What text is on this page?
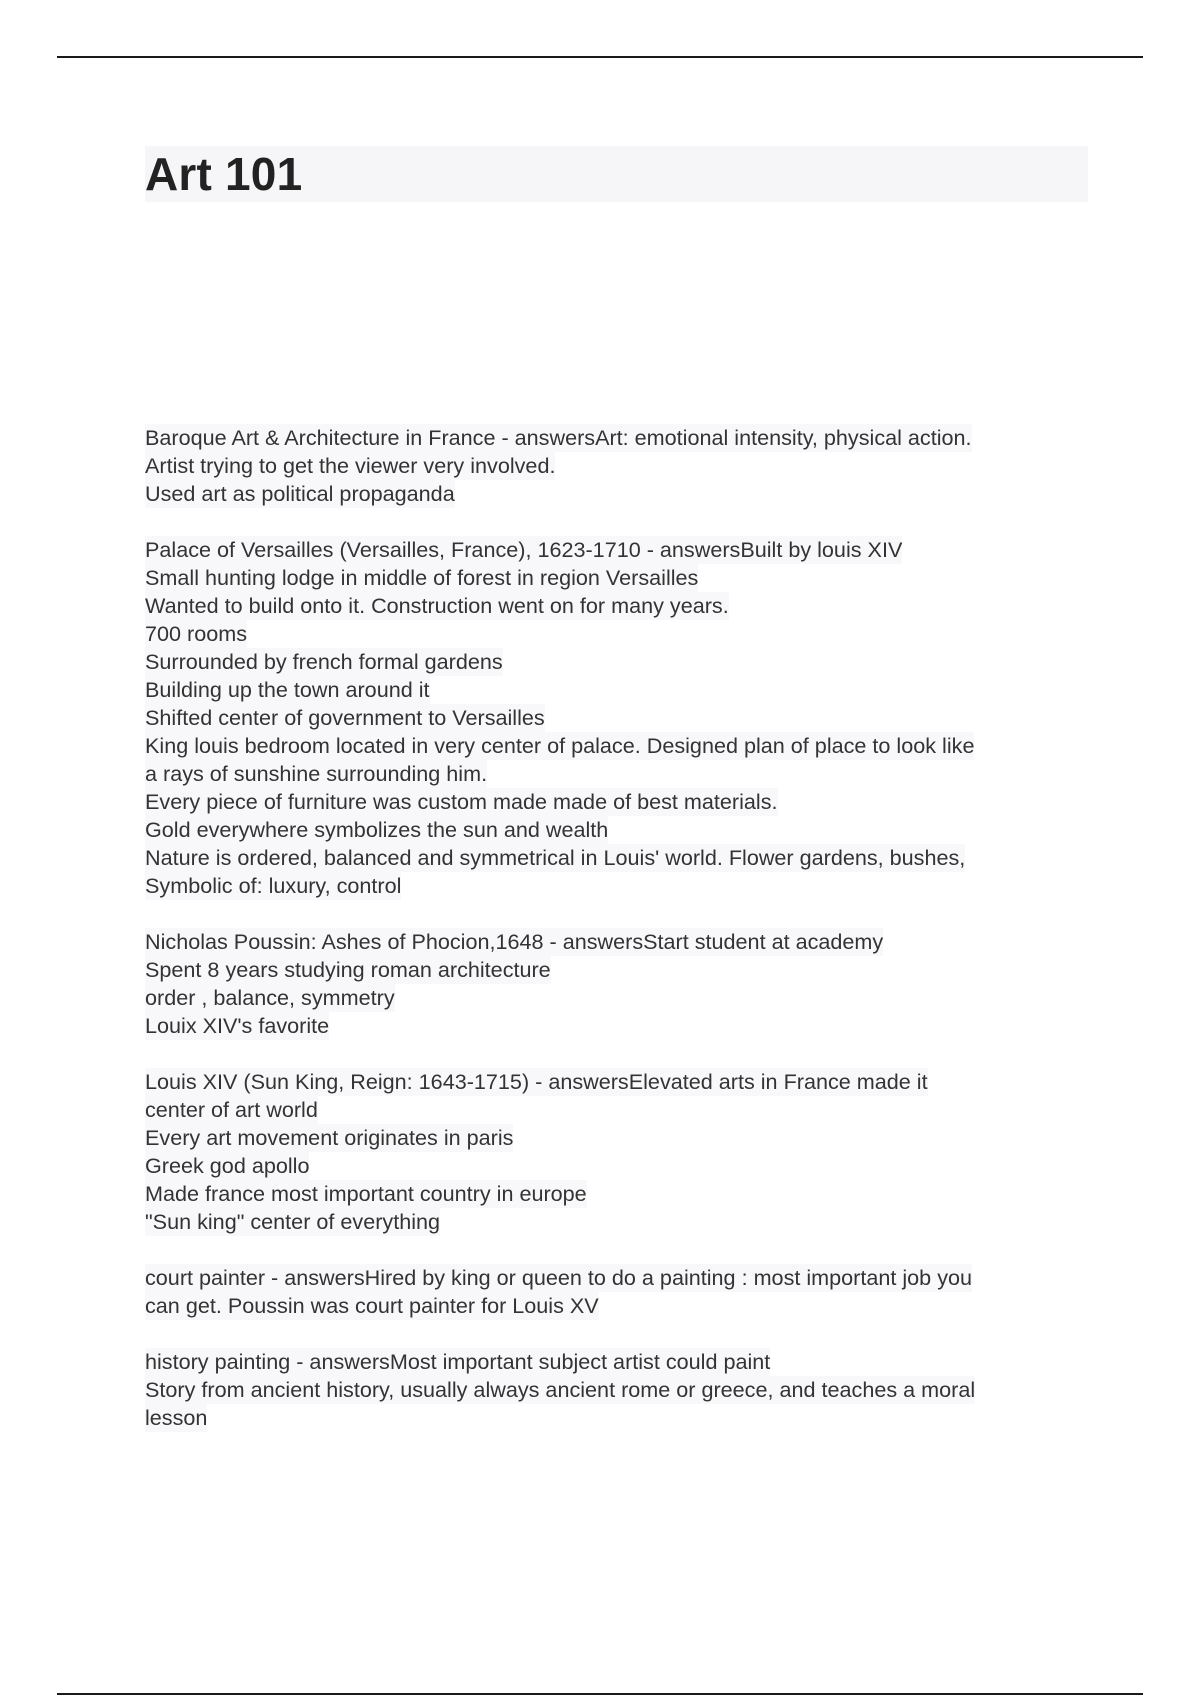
Art 101
Baroque Art & Architecture in France - answersArt: emotional intensity, physical action.
Artist trying to get the viewer very involved.
Used art as political propaganda
Palace of Versailles (Versailles, France), 1623-1710 - answersBuilt by louis XIV
Small hunting lodge in middle of forest in region Versailles
Wanted to build onto it. Construction went on for many years.
700 rooms
Surrounded by french formal gardens
Building up the town around it
Shifted center of government to Versailles
King louis bedroom located in very center of palace. Designed plan of place to look like
a rays of sunshine surrounding him.
Every piece of furniture was custom made made of best materials.
Gold everywhere symbolizes the sun and wealth
Nature is ordered, balanced and symmetrical in Louis' world. Flower gardens, bushes,
Symbolic of: luxury, control
Nicholas Poussin: Ashes of Phocion,1648 - answersStart student at academy
Spent 8 years studying roman architecture
order , balance, symmetry
Louix XIV's favorite
Louis XIV (Sun King, Reign: 1643-1715) - answersElevated arts in France made it
center of art world
Every art movement originates in paris
Greek god apollo
Made france most important country in europe
"Sun king" center of everything
court painter - answersHired by king or queen to do a painting : most important job you
can get. Poussin was court painter for Louis XV
history painting - answersMost important subject artist could paint
Story from ancient history, usually always ancient rome or greece, and teaches a moral
lesson
